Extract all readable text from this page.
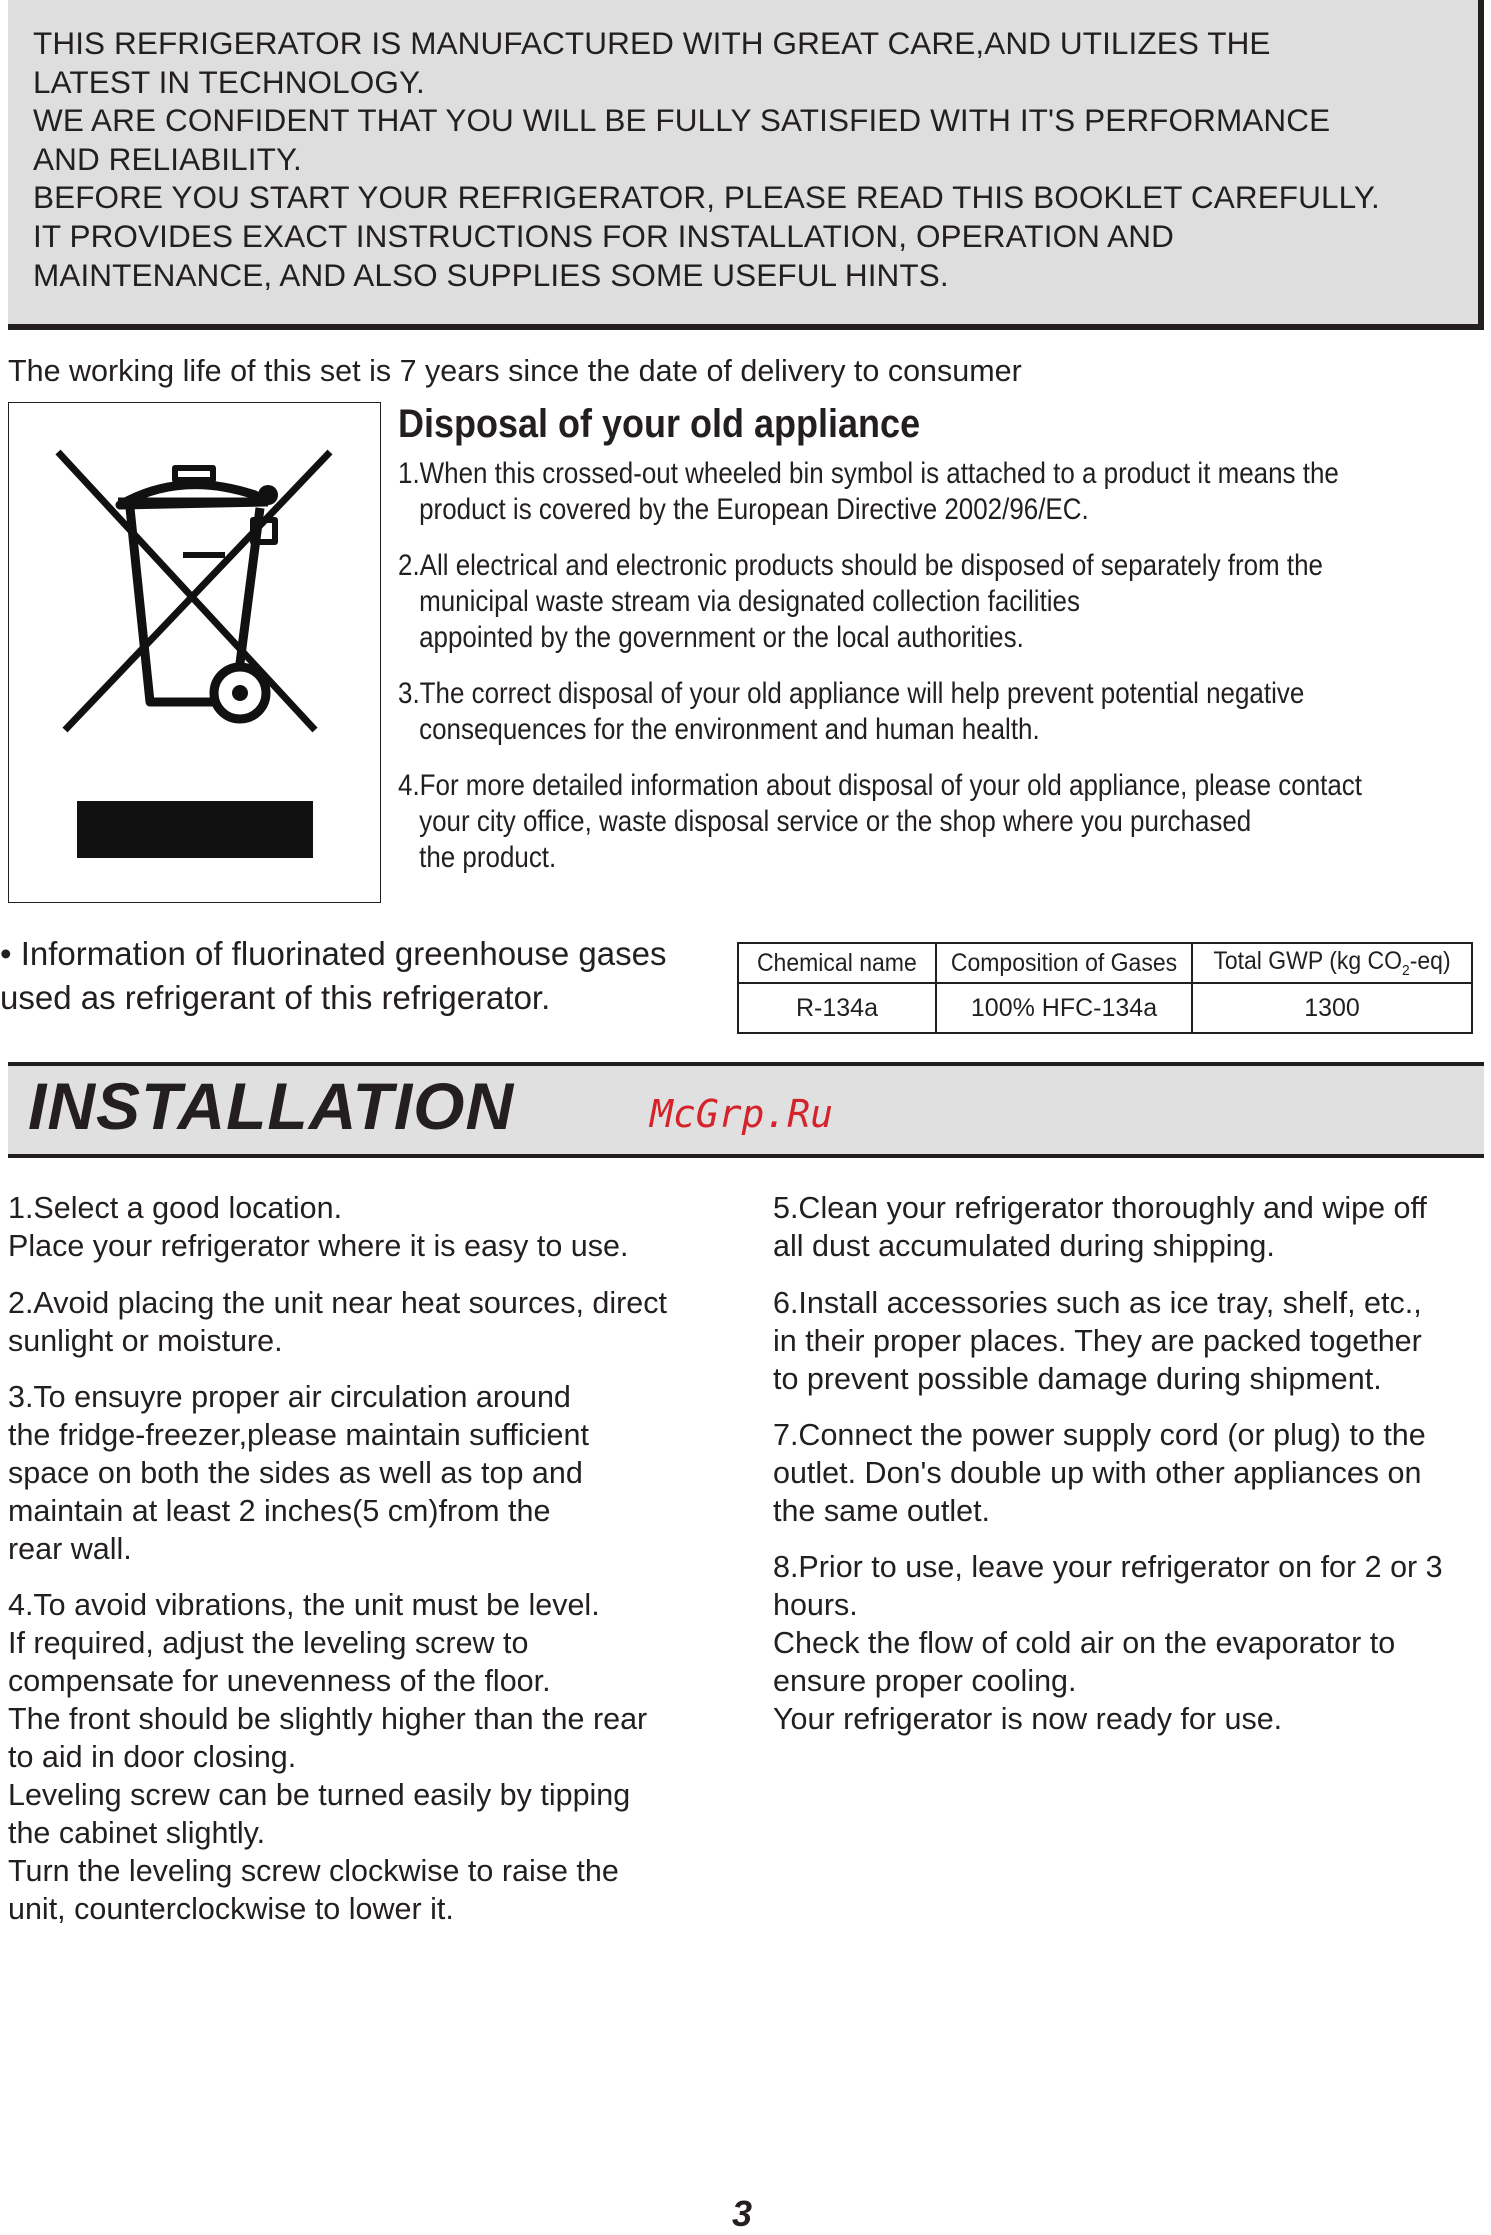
THIS REFRIGERATOR IS MANUFACTURED WITH GREAT CARE,AND UTILIZES THE
LATEST IN TECHNOLOGY.
WE ARE CONFIDENT THAT YOU WILL BE FULLY SATISFIED WITH IT'S PERFORMANCE
AND RELIABILITY.
BEFORE YOU START YOUR REFRIGERATOR, PLEASE READ THIS BOOKLET CAREFULLY.
IT PROVIDES EXACT INSTRUCTIONS FOR INSTALLATION, OPERATION AND
MAINTENANCE, AND ALSO SUPPLIES SOME USEFUL HINTS.
The working life of this set is 7 years since the date of delivery to consumer
Disposal of your old appliance
1.When this crossed-out wheeled bin symbol is attached to a product it means the
product is covered by the European Directive 2002/96/EC.
2.All electrical and electronic products should be disposed of separately from the
municipal waste stream via designated collection facilities appointed by the government or the local authorities.
3.The correct disposal of your old appliance will help prevent potential negative
consequences for the environment and human health.
4.For more detailed information about disposal of your old appliance, please contact
your city office, waste disposal service or the shop where you purchased the product.
• Information of fluorinated greenhouse gases
used as refrigerant of this refrigerator.
Chemical name	Composition of Gases	Total GWP (kg $CO_2-eq$)
R-134a	100% HFC-134a	1300
INSTALLATION	McGrp.Ru
1.Select a good location.
Place your refrigerator where it is easy to use.
2.Avoid placing the unit near heat sources, direct
sunlight or moisture.
3.To ensuyre proper air circulation around
the fridge-freezer,please maintain sufficient
space on both the sides as well as top and
maintain at least 2 inches(5 cm)from the
rear wall.
4.To avoid vibrations, the unit must be level.
If required, adjust the leveling screw to
compensate for unevenness of the floor.
The front should be slightly higher than the rear
to aid in door closing.
Leveling screw can be turned easily by tipping
the cabinet slightly.
Turn the leveling screw clockwise to raise the
unit, counterclockwise to lower it.
5.Clean your refrigerator thoroughly and wipe off
all dust accumulated during shipping.
6.Install accessories such as ice tray, shelf, etc.,
in their proper places. They are packed together
to prevent possible damage during shipment.
7.Connect the power supply cord (or plug) to the
outlet. Don's double up with other appliances on
the same outlet.
8.Prior to use, leave your refrigerator on for 2 or 3
hours.
Check the flow of cold air on the evaporator to
ensure proper cooling.
Your refrigerator is now ready for use.
3
